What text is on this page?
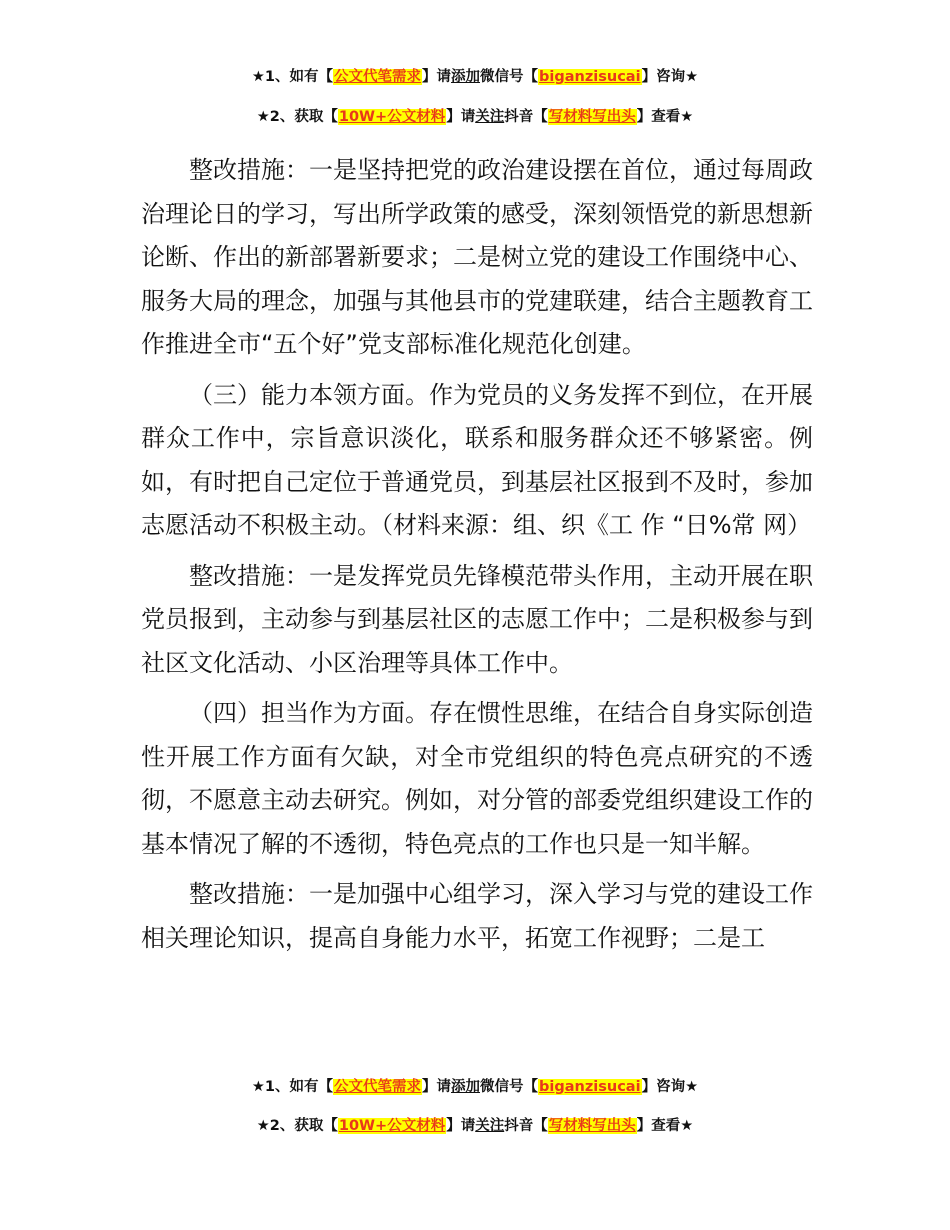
★1、如有【公文代笔需求】请添加微信号【biganzisucai】咨询★
★2、获取【10W+公文材料】请关注抖音【写材料写出头】查看★

整改措施：一是坚持把党的政治建设摆在首位，通过每周政治理论日的学习，写出所学政策的感受，深刻领悟党的新思想新论断、作出的新部署新要求；二是树立党的建设工作围绕中心、服务大局的理念，加强与其他县市的党建联建，结合主题教育工作推进全市“五个好”党支部标准化规范化创建。

（三）能力本领方面。作为党员的义务发挥不到位，在开展群众工作中，宗旨意识淡化，联系和服务群众还不够紧密。例如，有时把自己定位于普通党员，到基层社区报到不及时，参加志愿活动不积极主动。（材料来源：组、织《工 作 “日%常 网）

整改措施：一是发挥党员先锋模范带头作用，主动开展在职党员报到，主动参与到基层社区的志愿工作中；二是积极参与到社区文化活动、小区治理等具体工作中。

（四）担当作为方面。存在惯性思维，在结合自身实际创造性开展工作方面有欠缺，对全市党组织的特色亮点研究的不透彻，不愿意主动去研究。例如，对分管的部委党组织建设工作的基本情况了解的不透彻，特色亮点的工作也只是一知半解。

整改措施：一是加强中心组学习，深入学习与党的建设工作相关理论知识，提高自身能力水平，拓宽工作视野；二是工

★1、如有【公文代笔需求】请添加微信号【biganzisucai】咨询★
★2、获取【10W+公文材料】请关注抖音【写材料写出头】查看★
